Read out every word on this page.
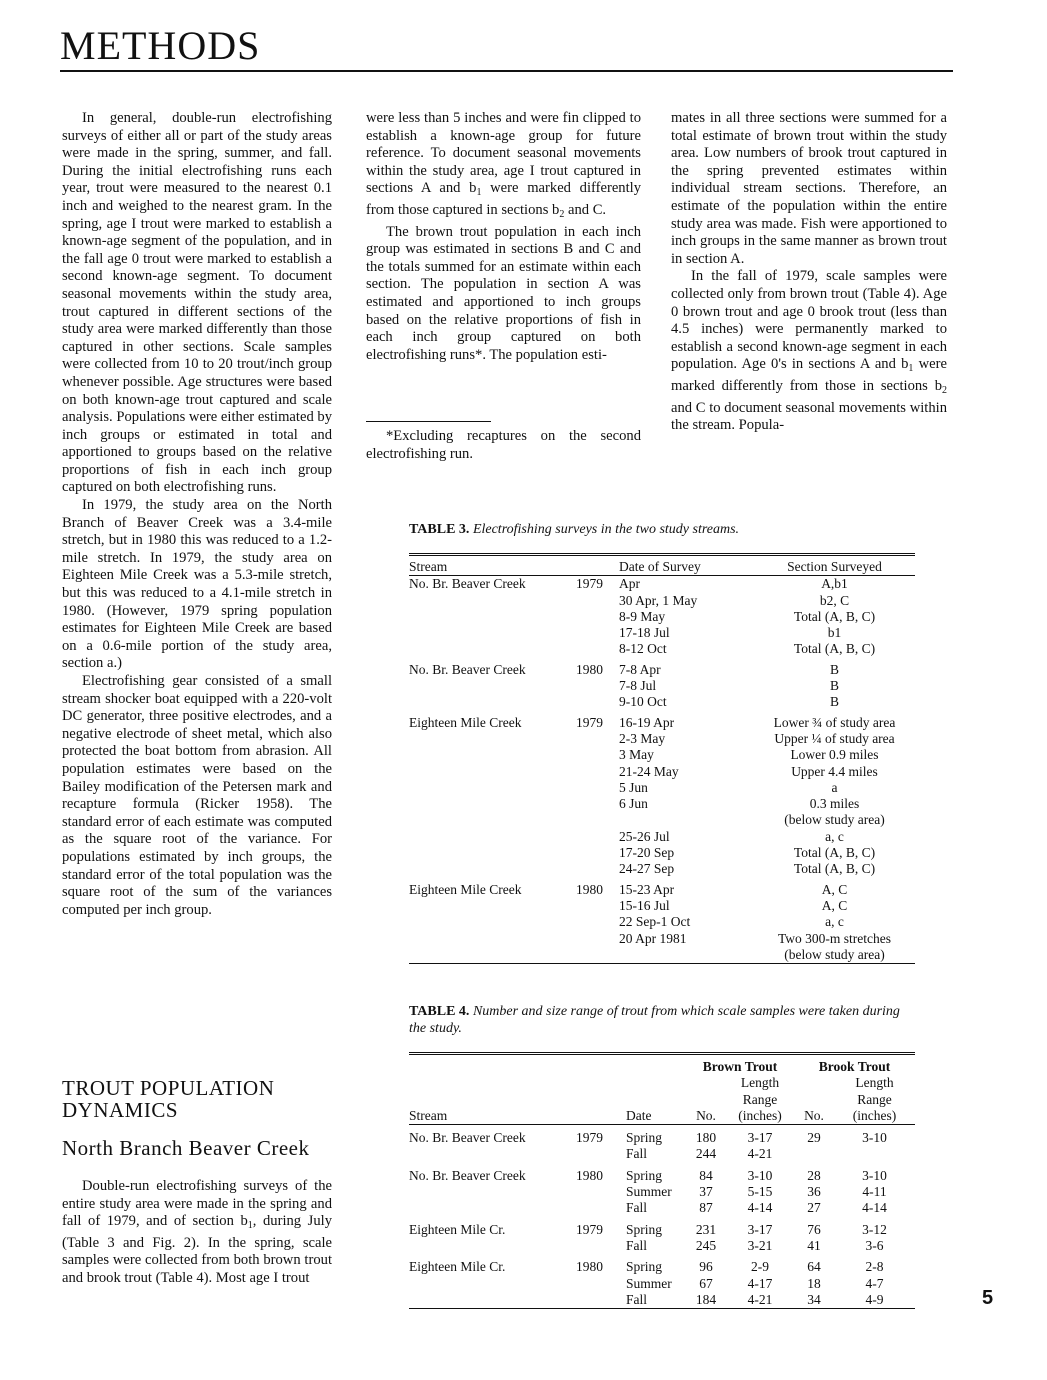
METHODS

In general, double-run electrofishing surveys of either all or part of the study areas were made in the spring, summer, and fall. During the initial electrofishing runs each year, trout were measured to the nearest 0.1 inch and weighed to the nearest gram. In the spring, age I trout were marked to establish a known-age segment of the population, and in the fall age 0 trout were marked to establish a second known-age segment. To document seasonal movements within the study area, trout captured in different sections of the study area were marked differently than those captured in other sections. Scale samples were collected from 10 to 20 trout/inch group whenever possible. Age structures were based on both known-age trout captured and scale analysis. Populations were either estimated by inch groups or estimated in total and apportioned to groups based on the relative proportions of fish in each inch group captured on both electrofishing runs.

In 1979, the study area on the North Branch of Beaver Creek was a 3.4-mile stretch, but in 1980 this was reduced to a 1.2-mile stretch. In 1979, the study area on Eighteen Mile Creek was a 5.3-mile stretch, but this was reduced to a 4.1-mile stretch in 1980. (However, 1979 spring population estimates for Eighteen Mile Creek are based on a 0.6-mile portion of the study area, section a.)

Electrofishing gear consisted of a small stream shocker boat equipped with a 220-volt DC generator, three positive electrodes, and a negative electrode of sheet metal, which also protected the boat bottom from abrasion. All population estimates were based on the Bailey modification of the Petersen mark and recapture formula (Ricker 1958). The standard error of each estimate was computed as the square root of the variance. For populations estimated by inch groups, the standard error of the total population was the square root of the sum of the variances computed per inch group.

TROUT POPULATION DYNAMICS
North Branch Beaver Creek

Double-run electrofishing surveys of the entire study area were made in the spring and fall of 1979, and of section $b_1$, during July (Table 3 and Fig. 2). In the spring, scale samples were collected from both brown trout and brook trout (Table 4). Most age I trout

were less than 5 inches and were fin clipped to establish a known-age group for future reference. To document seasonal movements within the study area, age I trout captured in sections A and $b_1$ were marked differently from those captured in sections $b_2$ and C.

The brown trout population in each inch group was estimated in sections B and C and the totals summed for an estimate within each section. The population in section A was estimated and apportioned to inch groups based on the relative proportions of fish in each inch group captured on both electrofishing runs*. The population esti-

*Excluding recaptures on the second electrofishing run.

mates in all three sections were summed for a total estimate of brown trout within the study area. Low numbers of brook trout captured in the spring prevented estimates within individual stream sections. Therefore, an estimate of the population within the entire study area was made. Fish were apportioned to inch groups in the same manner as brown trout in section A.

In the fall of 1979, scale samples were collected only from brown trout (Table 4). Age 0 brown trout and age 0 brook trout (less than 4.5 inches) were permanently marked to establish a second known-age segment in each population. Age 0's in sections A and $b_1$ were marked differently from those in sections $b_2$ and C to document seasonal movements within the stream. Popula-

TABLE 3. Electrofishing surveys in the two study streams.
Stream		Date of Survey	Section Surveyed
No. Br. Beaver Creek	1979	Apr	A,b1
		30 Apr, 1 May	b2, C
		8-9 May	Total (A, B, C)
		17-18 Jul	b1
		8-12 Oct	Total (A, B, C)

No. Br. Beaver Creek	1980	7-8 Apr	B
		7-8 Jul	B
		9-10 Oct	B

Eighteen Mile Creek	1979	16-19 Apr	Lower ¾ of study area
		2-3 May	Upper ¼ of study area
		3 May	Lower 0.9 miles
		21-24 May	Upper 4.4 miles
		5 Jun	a
		6 Jun	0.3 miles
			(below study area)
		25-26 Jul	a, c
		17-20 Sep	Total (A, B, C)
		24-27 Sep	Total (A, B, C)

Eighteen Mile Creek	1980	15-23 Apr	A, C
		15-16 Jul	A, C
		22 Sep-1 Oct	a, c
		20 Apr 1981	Two 300-m stretches
			(below study area)
TABLE 4. Number and size range of trout from which scale samples were taken during the study.
			Brown Trout		Brook Trout	
				Length		Length
				Range		Range
Stream		Date	No.	(inches)	No.	(inches)

No. Br. Beaver Creek	1979	Spring	180	3-17	29	3-10
		Fall	244	4-21		

No. Br. Beaver Creek	1980	Spring	84	3-10	28	3-10
		Summer	37	5-15	36	4-11
		Fall	87	4-14	27	4-14

Eighteen Mile Cr.	1979	Spring	231	3-17	76	3-12
		Fall	245	3-21	41	3-6

Eighteen Mile Cr.	1980	Spring	96	2-9	64	2-8
		Summer	67	4-17	18	4-7
		Fall	184	4-21	34	4-9	5
